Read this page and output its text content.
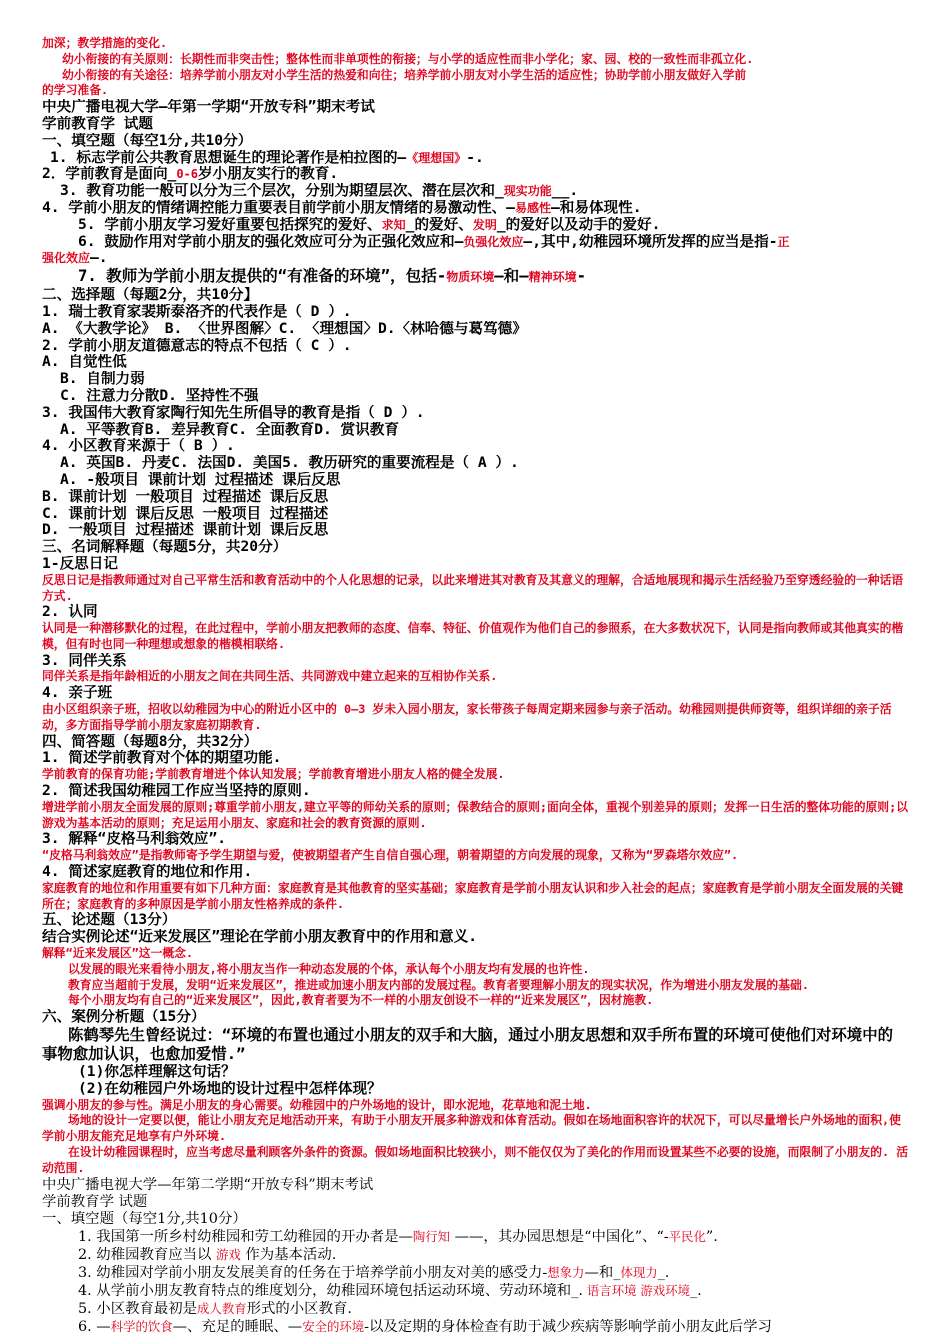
加深；教学措施的变化.
幼小衔接的有关原则：长期性而非突击性；整体性而非单项性的衔接；与小学的适应性而非小学化；家、园、校的一致性而非孤立化.
幼小衔接的有关途径：培养学前小朋友对小学生活的热爱和向往；培养学前小朋友对小学生活的适应性；协助学前小朋友做好入学前
的学习准备.
中央广播电视大学—年第一学期“开放专科”期末考试
学前教育学 试题
一、填空题（每空1分,共10分）
1. 标志学前公共教育思想诞生的理论著作是柏拉图的—《理想国》-.
2．学前教育是面向_0-6岁小朋友实行的教育.
3. 教育功能一般可以分为三个层次，分别为期望层次、潜在层次和_现实功能__.
4. 学前小朋友的情绪调控能力重要表目前学前小朋友情绪的易激动性、—易感性—和易体现性.
5. 学前小朋友学习爱好重要包括探究的爱好、求知_的爱好、发明_的爱好以及动手的爱好.
6. 鼓励作用对学前小朋友的强化效应可分为正强化效应和—负强化效应—,其中,幼稚园环境所发挥的应当是指-正
强化效应—.
7. 教师为学前小朋友提供的“有准备的环境”，包括-物质环境—和—精神环境-
二、选择题（每题2分，共10分】
1. 瑞士教育家裴斯泰洛齐的代表作是（ D ）.
A. 《大教学论》 B. 〈世界图解〉C. 〈理想国〉D.〈林哈德与葛笃德》
2. 学前小朋友道德意志的特点不包括（ C ）.
A. 自觉性低
B. 自制力弱
C. 注意力分散D. 坚持性不强
3. 我国伟大教育家陶行知先生所倡导的教育是指（ D ）.
A. 平等教育B. 差异教育C. 全面教育D. 赏识教育
4. 小区教育来源于（ B ）.
A. 英国B. 丹麦C. 法国D. 美国5. 教历研究的重要流程是（ A ）.
A. -般项目 课前计划 过程描述 课后反思
B. 课前计划 一般项目 过程描述 课后反思
C. 课前计划 课后反思 一般项目 过程描述
D. 一般项目 过程描述 课前计划 课后反思
三、名词解释题（每题5分，共20分）
1-反思日记
反思日记是指教师通过对自己平常生活和教育活动中的个人化思想的记录，以此来增进其对教育及其意义的理解，合适地展现和揭示生活经验乃至穿透经验的一种话语方式.
2. 认同
认同是一种潜移默化的过程，在此过程中，学前小朋友把教师的态度、信奉、特征、价值观作为他们自己的参照系，在大多数状况下，认同是指向教师或其他真实的楷模，但有时也同一种理想或想象的楷模相联络.
3. 同伴关系
同伴关系是指年龄相近的小朋友之间在共同生活、共同游戏中建立起来的互相协作关系.
4. 亲子班
由小区组织亲子班，招收以幼稚园为中心的附近小区中的 0—3 岁未入园小朋友，家长带孩子每周定期来园参与亲子活动。幼稚园则提供师资等，组织详细的亲子活动，多方面指导学前小朋友家庭初期教育.
四、简答题（每题8分，共32分）
1. 简述学前教育对个体的期望功能.
学前教育的保育功能;学前教育增进个体认知发展；学前教育增进小朋友人格的健全发展.
2. 简述我国幼稚园工作应当坚持的原则.
增进学前小朋友全面发展的原则;尊重学前小朋友,建立平等的师幼关系的原则；保教结合的原则;面向全体，重视个别差异的原则；发挥一日生活的整体功能的原则;以游戏为基本活动的原则；充足运用小朋友、家庭和社会的教育资源的原则.
3. 解释“皮格马利翁效应”.
“皮格马利翁效应”是指教师寄予学生期望与爱，使被期望者产生自信自强心理，朝着期望的方向发展的现象，又称为“罗森塔尔效应”.
4. 简述家庭教育的地位和作用.
家庭教育的地位和作用重要有如下几种方面：家庭教育是其他教育的坚实基础；家庭教育是学前小朋友认识和步入社会的起点；家庭教育是学前小朋友全面发展的关键所在；家庭教育的多种原因是学前小朋友性格养成的条件.
五、论述题（13分）
结合实例论述“近来发展区”理论在学前小朋友教育中的作用和意义.
解释“近来发展区”这一概念.
以发展的眼光来看待小朋友,将小朋友当作一种动态发展的个体，承认每个小朋友均有发展的也许性.
教育应当超前于发展，发明“近来发展区”，推进或加速小朋友内部的发展过程。教育者要理解小朋友的现实状况，作为增进小朋友发展的基础.
每个小朋友均有自己的“近来发展区”，因此,教育者要为不一样的小朋友创设不一样的“近来发展区”，因材施教.
六、案例分析题（15分）
陈鹤琴先生曾经说过：“环境的布置也通过小朋友的双手和大脑，通过小朋友思想和双手所布置的环境可使他们对环境中的事物愈加认识，也愈加爱惜.”
(1)你怎样理解这句话？
(2)在幼稚园户外场地的设计过程中怎样体现？
强调小朋友的参与性。满足小朋友的身心需要。幼稚园中的户外场地的设计，即水泥地，花草地和泥土地.
场地的设计一定要以便，能让小朋友充足地活动开来，有助于小朋友开展多种游戏和体育活动。假如在场地面积容许的状况下，可以尽量增长户外场地的面积,使学前小朋友能充足地享有户外环境.
在设计幼稚园课程时，应当考虑尽量利顾客外条件的资源。假如场地面积比较狭小，则不能仅仅为了美化的作用而设置某些不必要的设施，而限制了小朋友的. 活动范围.
中央广播电视大学—年第二学期“开放专科”期末考试
学前教育学 试题
一、填空题（每空1分,共10分）
1. 我国第一所乡村幼稚园和劳工幼稚园的开办者是—陶行知 ——，其办园思想是“中国化”、“-平民化”.
2. 幼稚园教育应当以 游戏 作为基本活动.
3. 幼稚园对学前小朋友发展美育的任务在于培养学前小朋友对美的感受力-想象力—和_体现力_.
4. 从学前小朋友教育特点的维度划分，幼稚园环境包括运动环境、劳动环境和_. 语言环境 游戏环境_.
5. 小区教育最初是成人教育形式的小区教育.
6. —科学的饮食—、充足的睡眠、—安全的环境-以及定期的身体检查有助于减少疾病等影响学前小朋友此后学习
